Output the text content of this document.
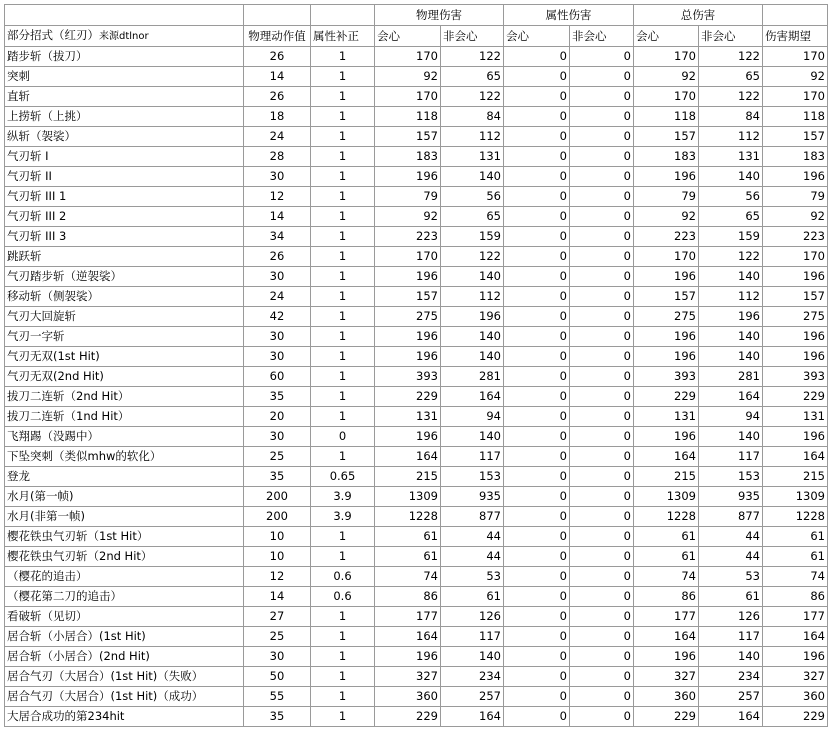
			物理伤害		属性伤害		总伤害		
部分招式（红刃）来源dtlnor	物理动作值	属性补正	会心	非会心	会心	非会心	会心	非会心	伤害期望
踏步斩（拔刀）	26	1	170	122	0	0	170	122	170
突刺	14	1	92	65	0	0	92	65	92
直斩	26	1	170	122	0	0	170	122	170
上捞斩（上挑）	18	1	118	84	0	0	118	84	118
纵斩（袈裟）	24	1	157	112	0	0	157	112	157
气刃斩 I	28	1	183	131	0	0	183	131	183
气刃斩 II	30	1	196	140	0	0	196	140	196
气刃斩 III 1	12	1	79	56	0	0	79	56	79
气刃斩 III 2	14	1	92	65	0	0	92	65	92
气刃斩 III 3	34	1	223	159	0	0	223	159	223
跳跃斩	26	1	170	122	0	0	170	122	170
气刃踏步斩（逆袈裟）	30	1	196	140	0	0	196	140	196
移动斩（侧袈裟）	24	1	157	112	0	0	157	112	157
气刃大回旋斩	42	1	275	196	0	0	275	196	275
气刃一字斩	30	1	196	140	0	0	196	140	196
气刃无双(1st Hit)	30	1	196	140	0	0	196	140	196
气刃无双(2nd Hit)	60	1	393	281	0	0	393	281	393
拔刀二连斩（2nd Hit）	35	1	229	164	0	0	229	164	229
拔刀二连斩（1nd Hit）	20	1	131	94	0	0	131	94	131
飞翔踢（没踢中）	30	0	196	140	0	0	196	140	196
下坠突刺（类似mhw的软化）	25	1	164	117	0	0	164	117	164
登龙	35	0.65	215	153	0	0	215	153	215
水月(第一帧)	200	3.9	1309	935	0	0	1309	935	1309
水月(非第一帧)	200	3.9	1228	877	0	0	1228	877	1228
樱花铁虫气刃斩（1st Hit）	10	1	61	44	0	0	61	44	61
樱花铁虫气刃斩（2nd Hit）	10	1	61	44	0	0	61	44	61
（樱花的追击）	12	0.6	74	53	0	0	74	53	74
（樱花第二刀的追击）	14	0.6	86	61	0	0	86	61	86
看破斩（见切）	27	1	177	126	0	0	177	126	177
居合斩（小居合）(1st Hit)	25	1	164	117	0	0	164	117	164
居合斩（小居合）(2nd Hit)	30	1	196	140	0	0	196	140	196
居合气刃（大居合）(1st Hit)（失败）	50	1	327	234	0	0	327	234	327
居合气刃（大居合）(1st Hit)（成功）	55	1	360	257	0	0	360	257	360
大居合成功的第234hit	35	1	229	164	0	0	229	164	229
